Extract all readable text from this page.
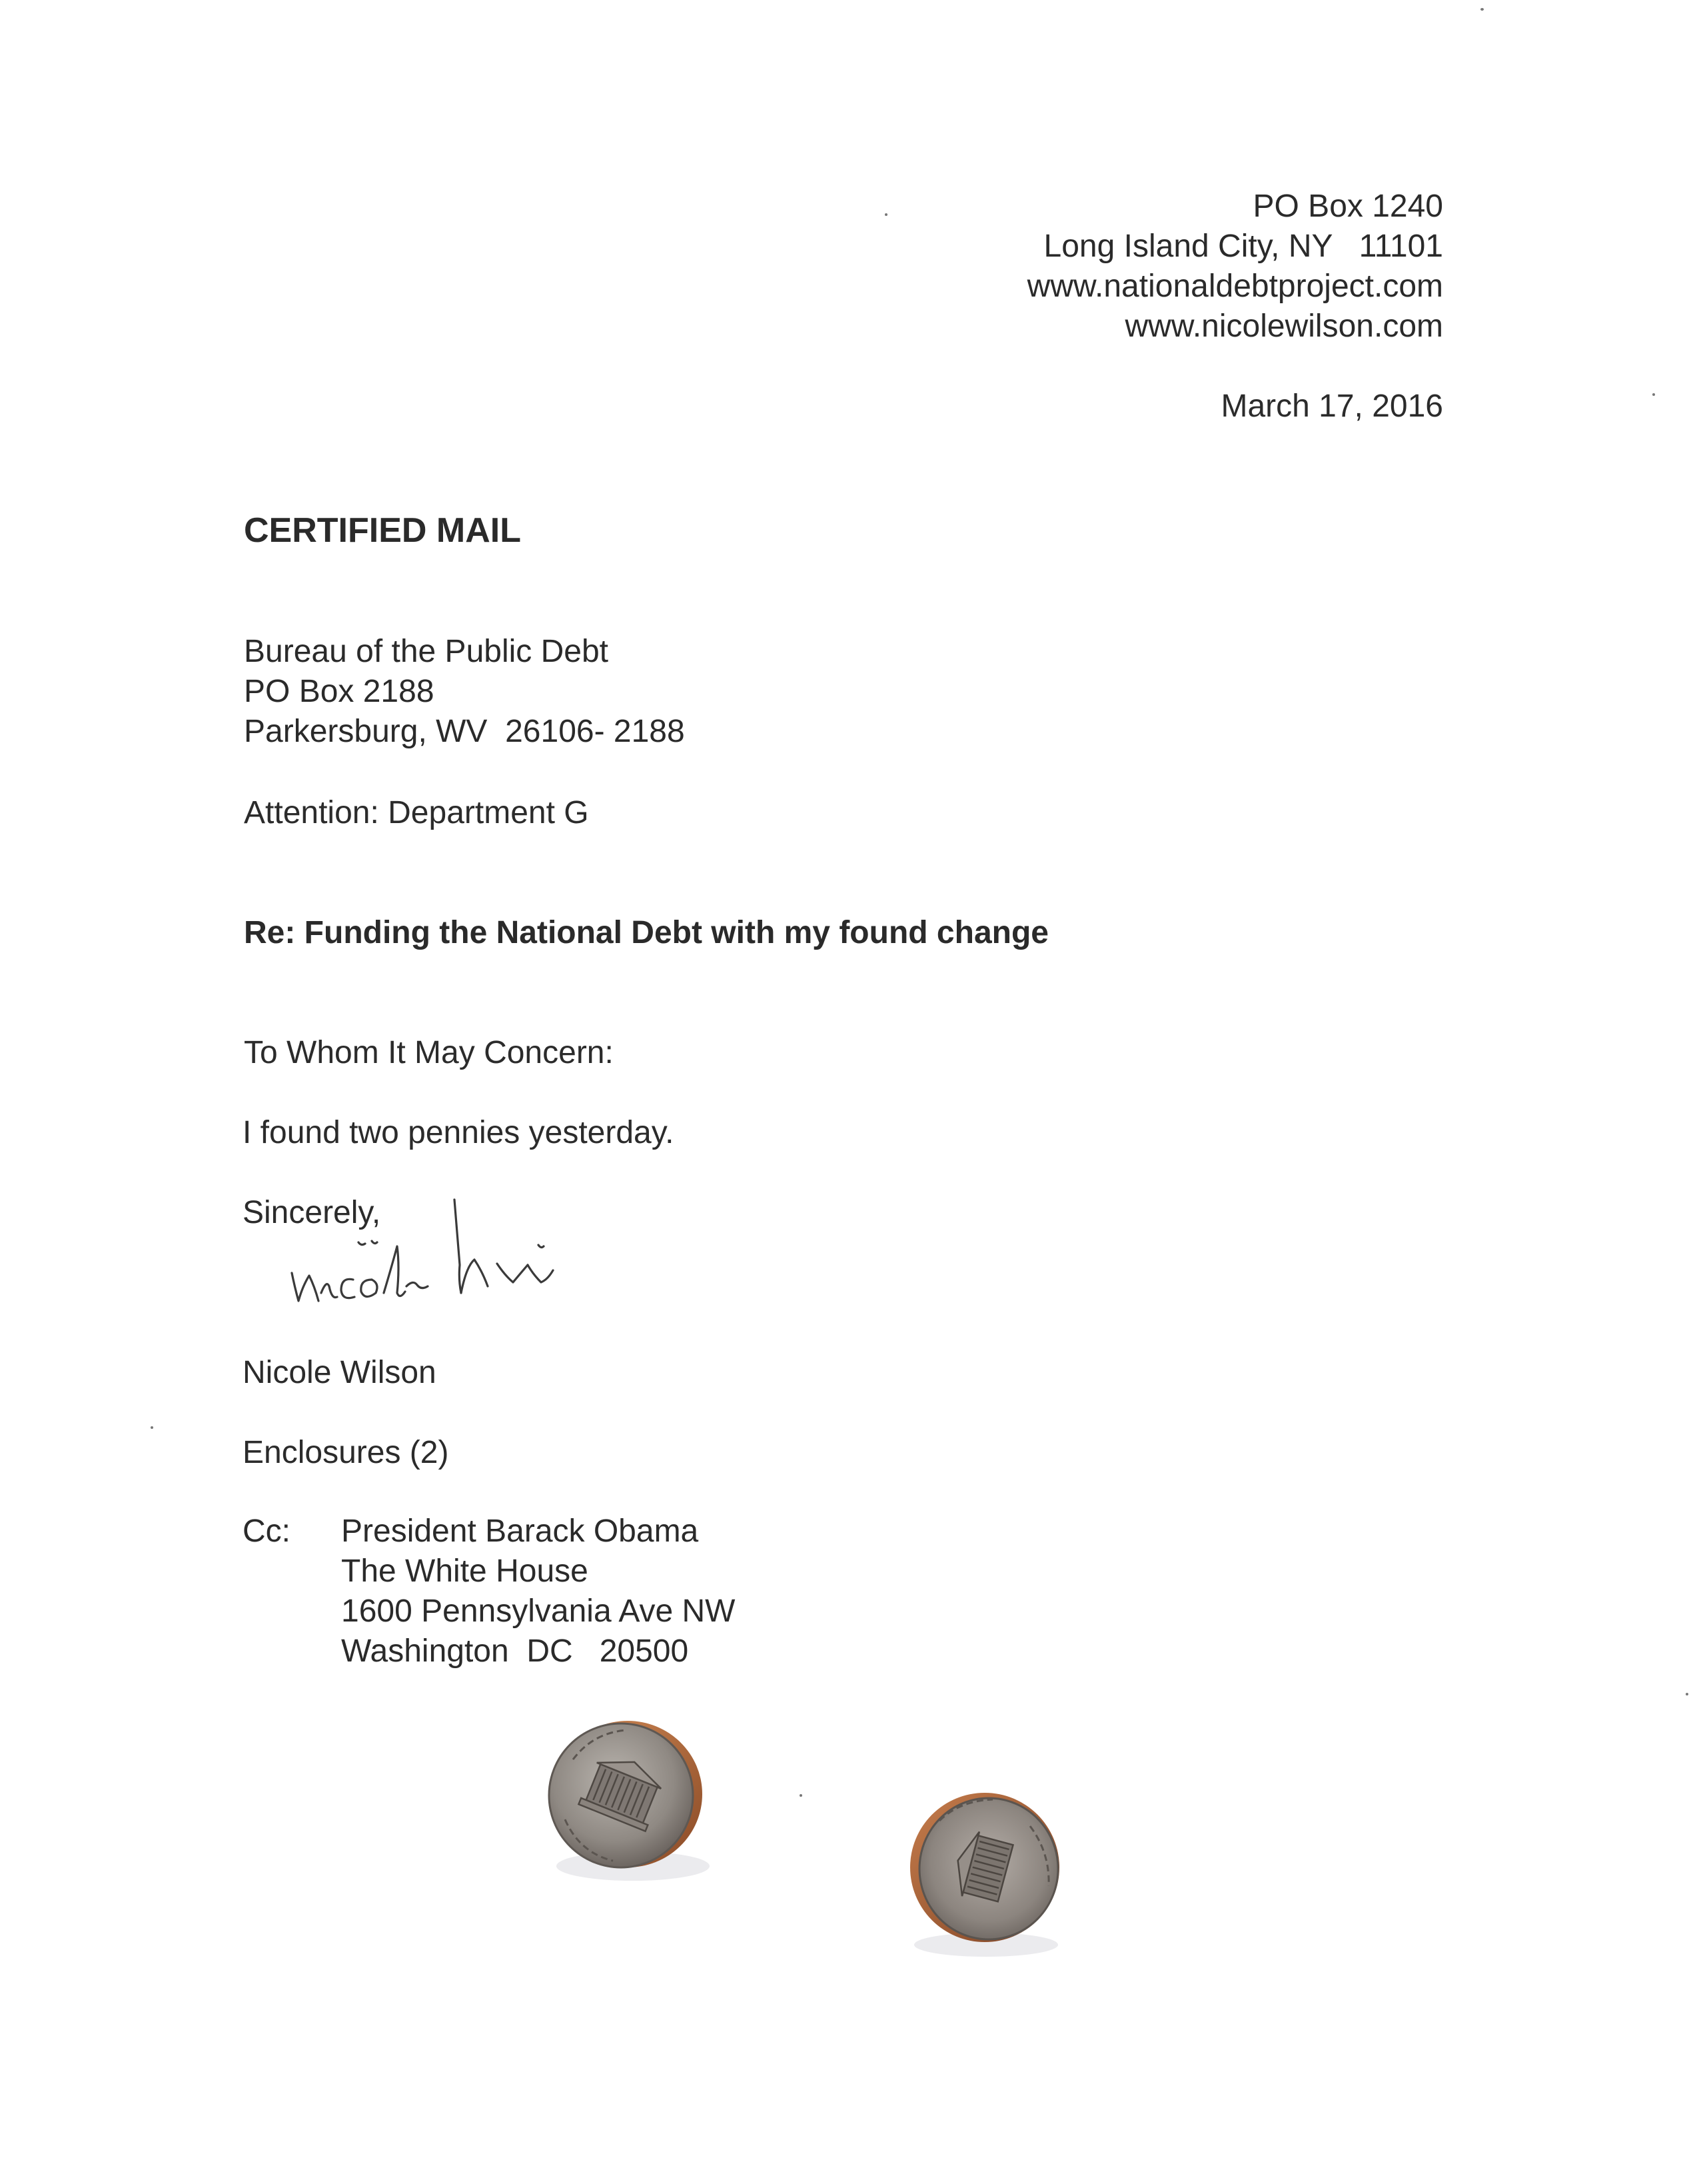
PO Box 1240
Long Island City, NY   11101
www.nationaldebtproject.com
www.nicolewilson.com
March 17, 2016
CERTIFIED MAIL
Bureau of the Public Debt
PO Box 2188
Parkersburg, WV  26106- 2188
Attention: Department G
Re: Funding the National Debt with my found change
To Whom It May Concern:
I found two pennies yesterday.
Sincerely,
Nicole Wilson
Enclosures (2)
Cc: President Barack Obama
The White House
1600 Pennsylvania Ave NW
Washington  DC   20500
